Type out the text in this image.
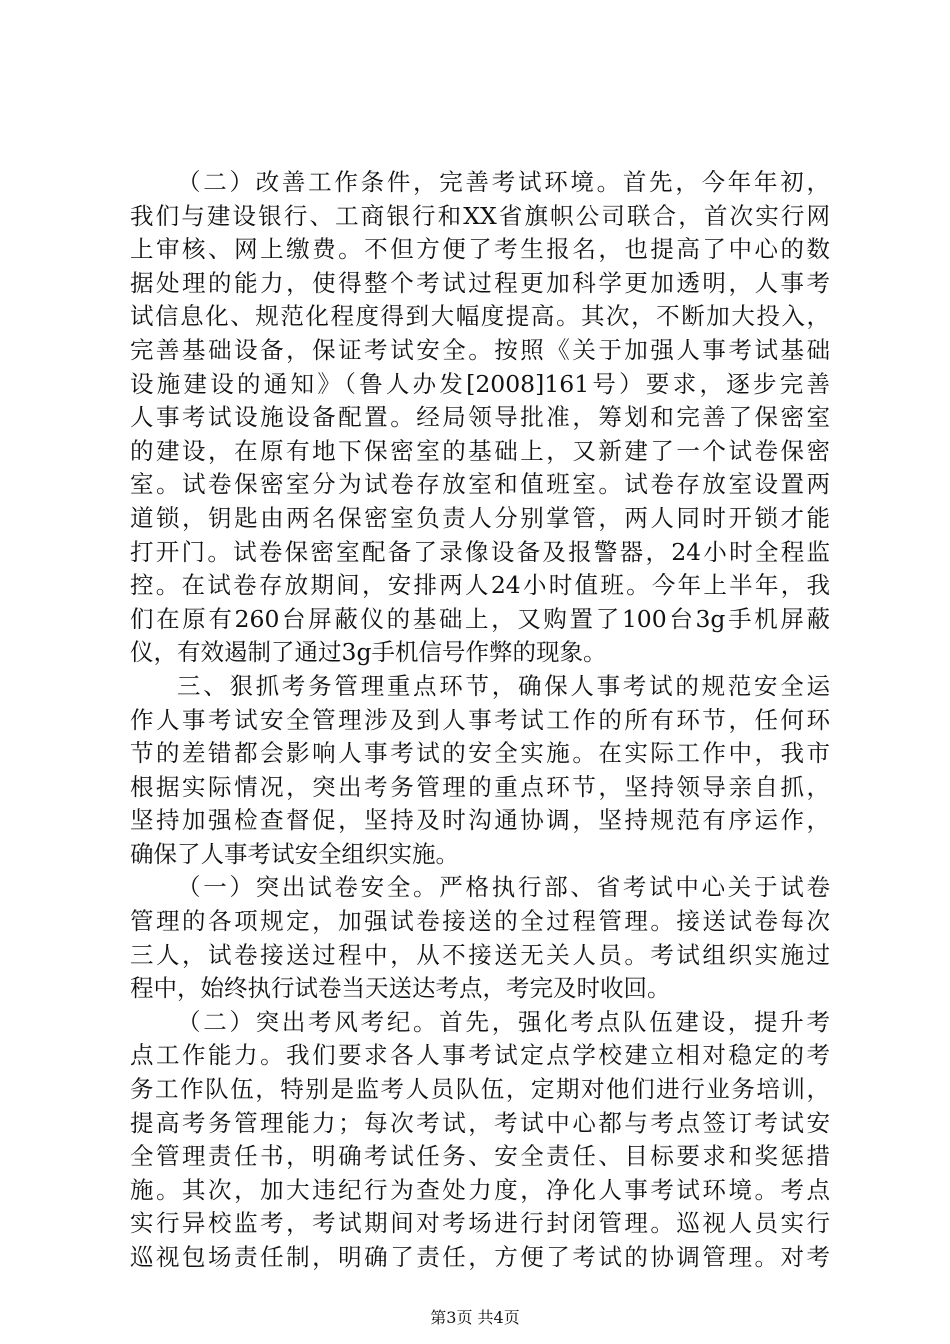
（二）改善工作条件，完善考试环境。首先，今年年初，
我们与建设银行、工商银行和XX省旗帜公司联合，首次实行网
上审核、网上缴费。不但方便了考生报名，也提高了中心的数
据处理的能力，使得整个考试过程更加科学更加透明，人事考
试信息化、规范化程度得到大幅度提高。其次，不断加大投入，
完善基础设备，保证考试安全。按照《关于加强人事考试基础
设施建设的通知》（鲁人办发[2008]161号）要求，逐步完善
人事考试设施设备配置。经局领导批准，筹划和完善了保密室
的建设，在原有地下保密室的基础上，又新建了一个试卷保密
室。试卷保密室分为试卷存放室和值班室。试卷存放室设置两
道锁，钥匙由两名保密室负责人分别掌管，两人同时开锁才能
打开门。试卷保密室配备了录像设备及报警器，24小时全程监
控。在试卷存放期间，安排两人24小时值班。今年上半年，我
们在原有260台屏蔽仪的基础上，又购置了100台3g手机屏蔽
仪，有效遏制了通过3g手机信号作弊的现象。
三、狠抓考务管理重点环节，确保人事考试的规范安全运
作人事考试安全管理涉及到人事考试工作的所有环节，任何环
节的差错都会影响人事考试的安全实施。在实际工作中，我市
根据实际情况，突出考务管理的重点环节，坚持领导亲自抓，
坚持加强检查督促，坚持及时沟通协调，坚持规范有序运作，
确保了人事考试安全组织实施。
（一）突出试卷安全。严格执行部、省考试中心关于试卷
管理的各项规定，加强试卷接送的全过程管理。接送试卷每次
三人，试卷接送过程中，从不接送无关人员。考试组织实施过
程中，始终执行试卷当天送达考点，考完及时收回。
（二）突出考风考纪。首先，强化考点队伍建设，提升考
点工作能力。我们要求各人事考试定点学校建立相对稳定的考
务工作队伍，特别是监考人员队伍，定期对他们进行业务培训，
提高考务管理能力；每次考试，考试中心都与考点签订考试安
全管理责任书，明确考试任务、安全责任、目标要求和奖惩措
施。其次，加大违纪行为查处力度，净化人事考试环境。考点
实行异校监考，考试期间对考场进行封闭管理。巡视人员实行
巡视包场责任制，明确了责任，方便了考试的协调管理。对考
第3页 共4页
